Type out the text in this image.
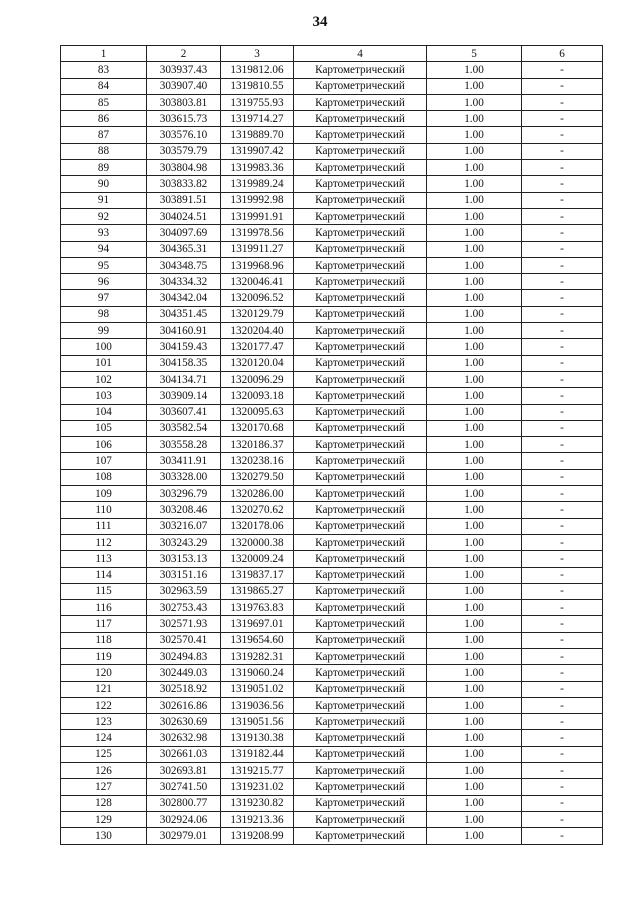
34
1	2	3	4	5	6
83	303937.43	1319812.06	Картометрический	1.00	-
84	303907.40	1319810.55	Картометрический	1.00	-
85	303803.81	1319755.93	Картометрический	1.00	-
86	303615.73	1319714.27	Картометрический	1.00	-
87	303576.10	1319889.70	Картометрический	1.00	-
88	303579.79	1319907.42	Картометрический	1.00	-
89	303804.98	1319983.36	Картометрический	1.00	-
90	303833.82	1319989.24	Картометрический	1.00	-
91	303891.51	1319992.98	Картометрический	1.00	-
92	304024.51	1319991.91	Картометрический	1.00	-
93	304097.69	1319978.56	Картометрический	1.00	-
94	304365.31	1319911.27	Картометрический	1.00	-
95	304348.75	1319968.96	Картометрический	1.00	-
96	304334.32	1320046.41	Картометрический	1.00	-
97	304342.04	1320096.52	Картометрический	1.00	-
98	304351.45	1320129.79	Картометрический	1.00	-
99	304160.91	1320204.40	Картометрический	1.00	-
100	304159.43	1320177.47	Картометрический	1.00	-
101	304158.35	1320120.04	Картометрический	1.00	-
102	304134.71	1320096.29	Картометрический	1.00	-
103	303909.14	1320093.18	Картометрический	1.00	-
104	303607.41	1320095.63	Картометрический	1.00	-
105	303582.54	1320170.68	Картометрический	1.00	-
106	303558.28	1320186.37	Картометрический	1.00	-
107	303411.91	1320238.16	Картометрический	1.00	-
108	303328.00	1320279.50	Картометрический	1.00	-
109	303296.79	1320286.00	Картометрический	1.00	-
110	303208.46	1320270.62	Картометрический	1.00	-
111	303216.07	1320178.06	Картометрический	1.00	-
112	303243.29	1320000.38	Картометрический	1.00	-
113	303153.13	1320009.24	Картометрический	1.00	-
114	303151.16	1319837.17	Картометрический	1.00	-
115	302963.59	1319865.27	Картометрический	1.00	-
116	302753.43	1319763.83	Картометрический	1.00	-
117	302571.93	1319697.01	Картометрический	1.00	-
118	302570.41	1319654.60	Картометрический	1.00	-
119	302494.83	1319282.31	Картометрический	1.00	-
120	302449.03	1319060.24	Картометрический	1.00	-
121	302518.92	1319051.02	Картометрический	1.00	-
122	302616.86	1319036.56	Картометрический	1.00	-
123	302630.69	1319051.56	Картометрический	1.00	-
124	302632.98	1319130.38	Картометрический	1.00	-
125	302661.03	1319182.44	Картометрический	1.00	-
126	302693.81	1319215.77	Картометрический	1.00	-
127	302741.50	1319231.02	Картометрический	1.00	-
128	302800.77	1319230.82	Картометрический	1.00	-
129	302924.06	1319213.36	Картометрический	1.00	-
130	302979.01	1319208.99	Картометрический	1.00	-
